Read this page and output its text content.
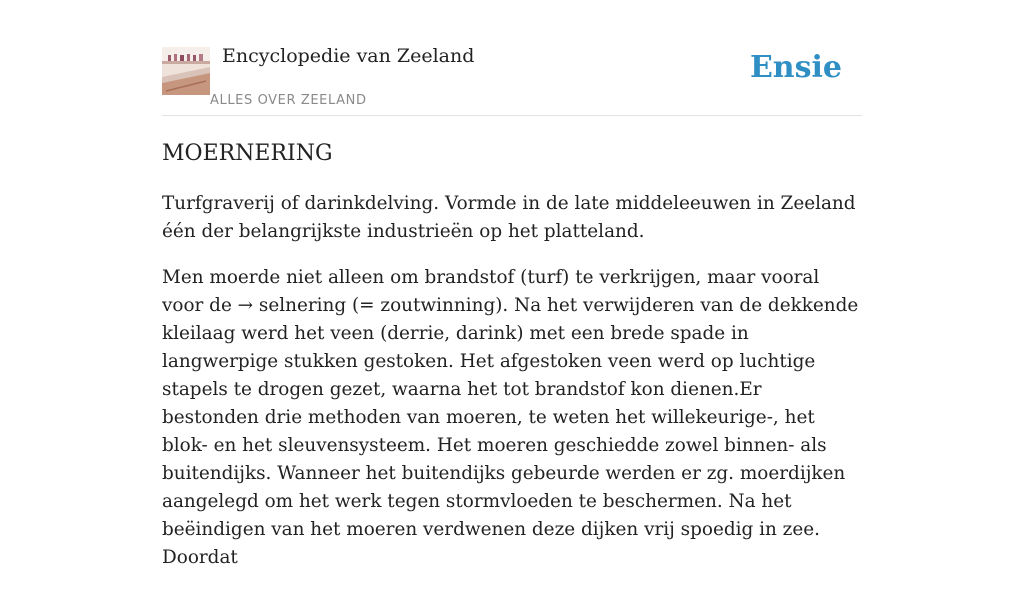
Encyclopedie van Zeeland
ALLES OVER ZEELAND
Ensie
MOERNERING

Turfgraverij of darinkdelving. Vormde in de late middeleeuwen in Zeeland één der belangrijkste industrieën op het platteland.

Men moerde niet alleen om brandstof (turf) te verkrijgen, maar vooral voor de → selnering (= zoutwinning). Na het verwijderen van de dekkende kleilaag werd het veen (derrie, darink) met een brede spade in langwerpige stukken gestoken. Het afgestoken veen werd op luchtige stapels te drogen gezet, waarna het tot brandstof kon dienen.Er bestonden drie methoden van moeren, te weten het willekeurige-, het blok- en het sleuvensysteem. Het moeren geschiedde zowel binnen- als buitendijks. Wanneer het buitendijks gebeurde werden er zg. moerdijken aangelegd om het werk tegen stormvloeden te beschermen. Na het beëindigen van het moeren verdwenen deze dijken vrij spoedig in zee. Doordat
